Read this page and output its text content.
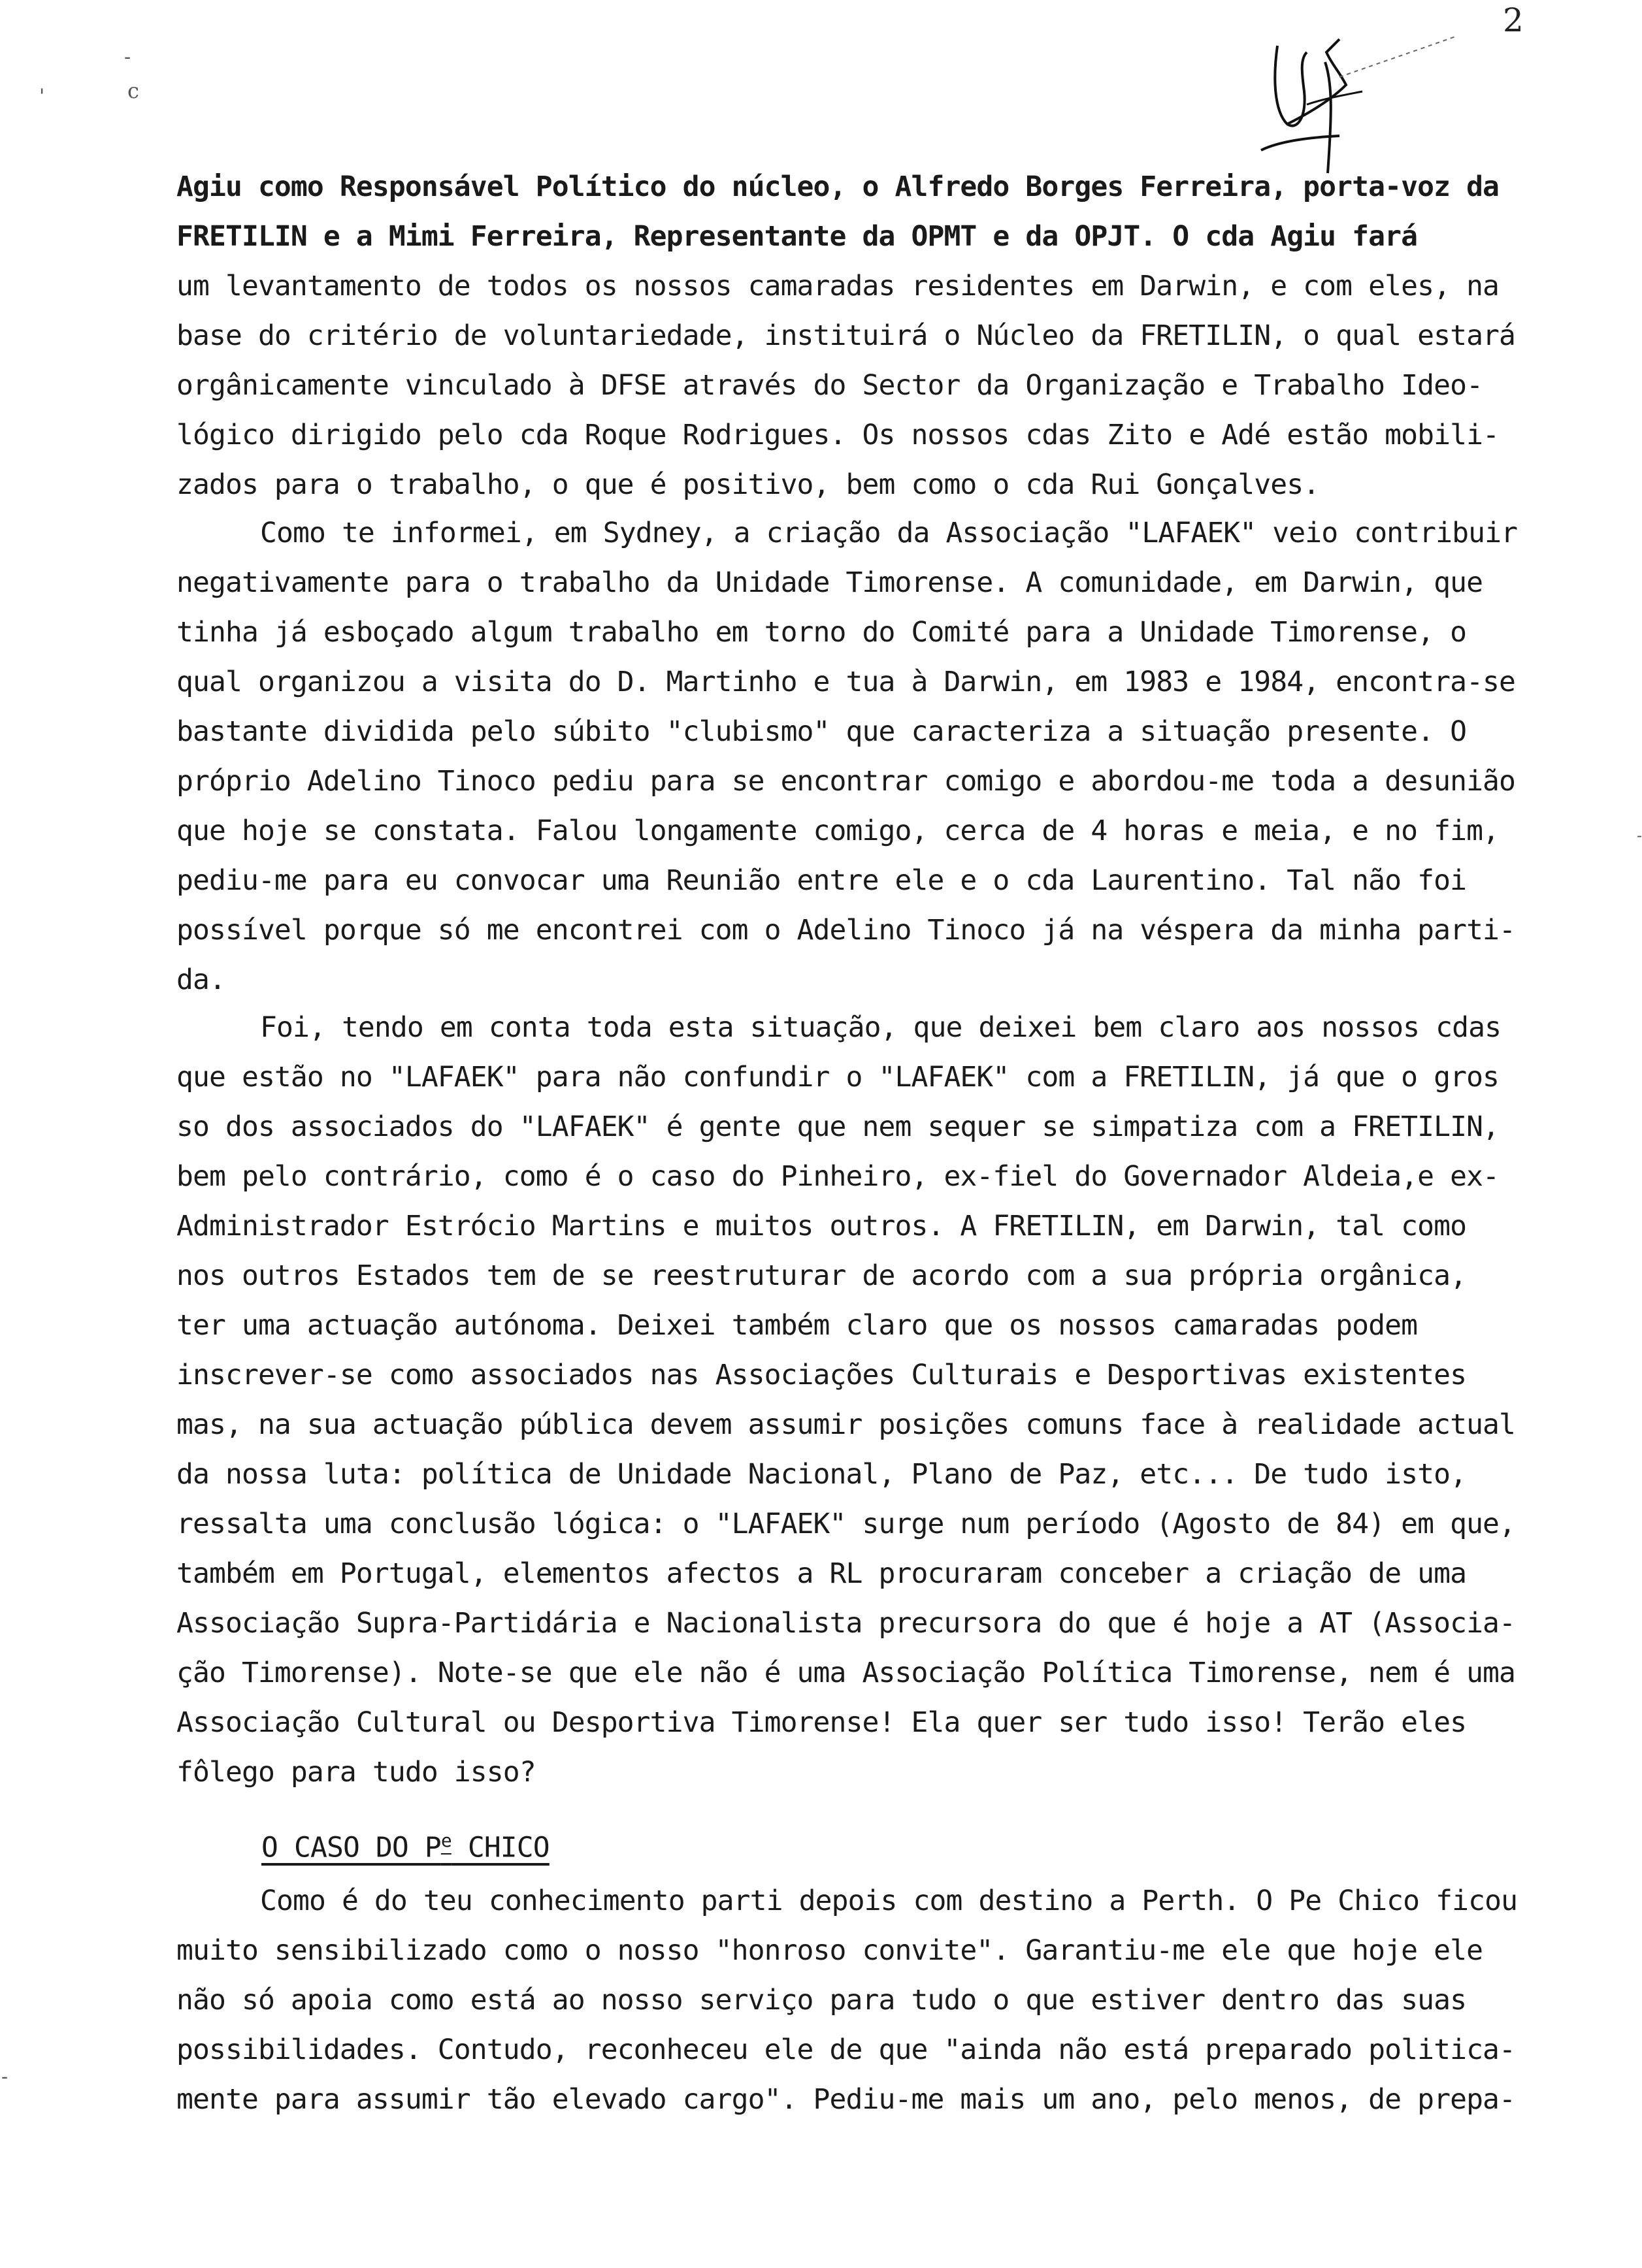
2
-
c
'
-
-
Agiu como Responsável Político do núcleo, o Alfredo Borges Ferreira, porta-voz da
FRETILIN e a Mimi Ferreira, Representante da OPMT e da OPJT. O cda Agiu fará
um levantamento de todos os nossos camaradas residentes em Darwin, e com eles, na
base do critério de voluntariedade, instituirá o Núcleo da FRETILIN, o qual estará
orgânicamente vinculado à DFSE através do Sector da Organização e Trabalho Ideo-
lógico dirigido pelo cda Roque Rodrigues. Os nossos cdas Zito e Adé estão mobili-
zados para o trabalho, o que é positivo, bem como o cda Rui Gonçalves.
Como te informei, em Sydney, a criação da Associação "LAFAEK" veio contribuir
negativamente para o trabalho da Unidade Timorense. A comunidade, em Darwin, que
tinha já esboçado algum trabalho em torno do Comité para a Unidade Timorense, o
qual organizou a visita do D. Martinho e tua à Darwin, em 1983 e 1984, encontra-se
bastante dividida pelo súbito "clubismo" que caracteriza a situação presente. O
próprio Adelino Tinoco pediu para se encontrar comigo e abordou-me toda a desunião
que hoje se constata. Falou longamente comigo, cerca de 4 horas e meia, e no fim,
pediu-me para eu convocar uma Reunião entre ele e o cda Laurentino. Tal não foi
possível porque só me encontrei com o Adelino Tinoco já na véspera da minha parti-
da.
Foi, tendo em conta toda esta situação, que deixei bem claro aos nossos cdas
que estão no "LAFAEK" para não confundir o "LAFAEK" com a FRETILIN, já que o gros
so dos associados do "LAFAEK" é gente que nem sequer se simpatiza com a FRETILIN,
bem pelo contrário, como é o caso do Pinheiro, ex-fiel do Governador Aldeia,e ex-
Administrador Estrócio Martins e muitos outros. A FRETILIN, em Darwin, tal como
nos outros Estados tem de se reestruturar de acordo com a sua própria orgânica,
ter uma actuação autónoma. Deixei também claro que os nossos camaradas podem
inscrever-se como associados nas Associações Culturais e Desportivas existentes
mas, na sua actuação pública devem assumir posições comuns face à realidade actual
da nossa luta: política de Unidade Nacional, Plano de Paz, etc... De tudo isto,
ressalta uma conclusão lógica: o "LAFAEK" surge num período (Agosto de 84) em que,
também em Portugal, elementos afectos a RL procuraram conceber a criação de uma
Associação Supra-Partidária e Nacionalista precursora do que é hoje a AT (Associa-
ção Timorense). Note-se que ele não é uma Associação Política Timorense, nem é uma
Associação Cultural ou Desportiva Timorense! Ela quer ser tudo isso! Terão eles
fôlego para tudo isso?
O CASO DO $P^e$ CHICO
Como é do teu conhecimento parti depois com destino a Perth. O Pe Chico ficou
muito sensibilizado como o nosso "honroso convite". Garantiu-me ele que hoje ele
não só apoia como está ao nosso serviço para tudo o que estiver dentro das suas
possibilidades. Contudo, reconheceu ele de que "ainda não está preparado politica-
mente para assumir tão elevado cargo". Pediu-me mais um ano, pelo menos, de prepa-
